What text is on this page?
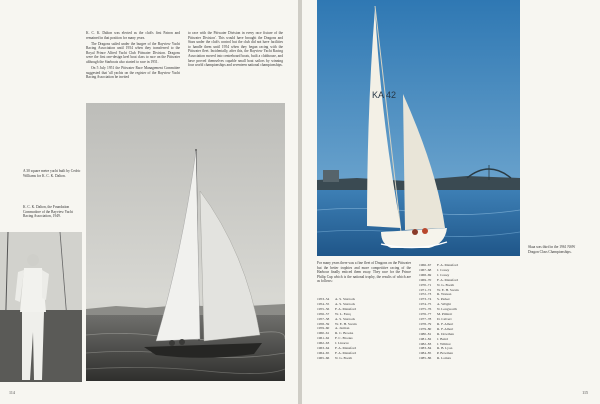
K. C. K. Dalton was elected as the club's first Patron and remained in that position for many years.

The Dragons sailed under the burgee of the Bayview Yacht Racing Association until 1954 when they transferred to the Royal Prince Alfred Yacht Club Pittwater Division. Dragons were the first one-design keel boat class to race on the Pittwater although the Starboats also started to race in 1951.

On 5 July 1951 the Pittwater Race Management Committee suggested that 'all yachts on the register of the Bayview Yacht Racing Association be invited

to race with the Pittwater Division in every race fixture of the Pittwater Division'. This would have brought the Dragons and Stars under the club's control but the club did not have facilities to handle them until 1954 when they began racing with the Pittwater fleet. Incidentally, after this, the Bayview Yacht Racing Association moved into centreboard boats, built a clubhouse, and have proved themselves capable small boat sailors by winning four world championships and seventeen national championships.

A 30 square metre yacht built by Cedric Williams for K. C. K. Dalton.
K. C. K. Dalton, the Foundation Commodore of the Bayview Yacht Racing Association, 1949.
114
KA 42
Skua was third in the 1961 NSW Dragon Class Championships.
For many years there was a fine fleet of Dragons on the Pittwater but the better trophies and more competitive racing of the Harbour finally enticed them away. They race for the Prince Philip Cup which is the national trophy, the results of which are as follows:
1953–54	A. S. Sturrock
1954–55	A. S. Sturrock
1955–56	F. A. Mansford
1956–57	W. L. Fenq
1957–58	A. S. Sturrock
1958–59	W. E. H. Swain
1959–60	A. Jarman
1960–61	R. C. Brooks
1961–62	F. C. Brooks
1962–63	J. Linacre
1963–64	F. A. Mansford
1964–65	F. A. Mansford
1965–66	N. G. Booth
1966–67	F. A. Mansford
1967–68	J. Coney
1968–69	J. Coney
1969–70	F. A. Mansford
1970–71	N. G. Booth
1971–72	W. E. H. Swain
1972–73	R. Watson
1973–74	S. Parker
1974–75	A. Wright
1975–76	N. Longworth
1976–77	M. Pimlott
1977–78	D. Calvert
1978–79	R. F. Albert
1979–80	R. F. Albert
1980–81	R. Dowthan
1981–82	J. Baird
1982–83	J. Wilmot
1983–84	R. B. Lyon
1984–85	P. Bowman
1985–86	R. Lomax
115
